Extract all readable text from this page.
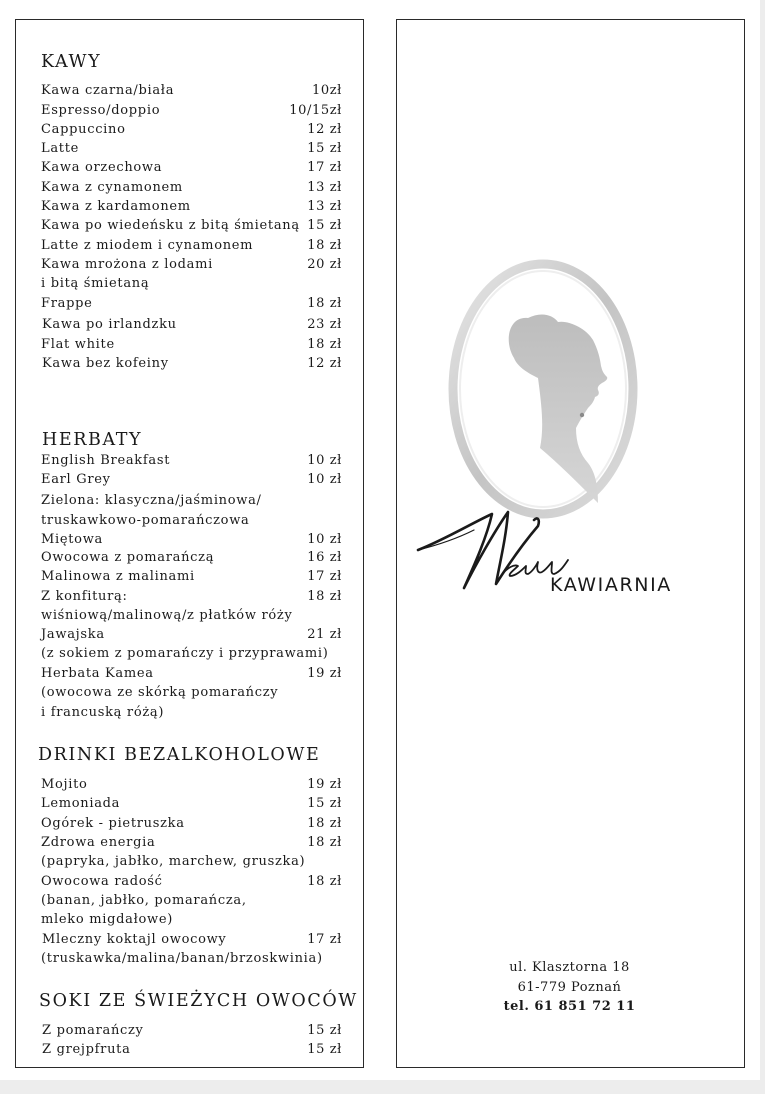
KAWY
Kawa czarna/biała	10zł
Espresso/doppio	10/15zł
Cappuccino	12 zł
Latte	15 zł
Kawa orzechowa	17 zł
Kawa z cynamonem	13 zł
Kawa z kardamonem	13 zł
Kawa po wiedeńsku z bitą śmietaną 15 zł
Latte z miodem i cynamonem	18 zł
Kawa mrożona z lodami	20 zł
i bitą śmietaną
Frappe	18 zł
Kawa po irlandzku	23 zł
Flat white	18 zł
Kawa bez kofeiny	12 zł
HERBATY
English Breakfast	10 zł
Earl Grey	10 zł
Zielona: klasyczna/jaśminowa/
truskawkowo-pomarańczowa
Miętowa	10 zł
Owocowa z pomarańczą	16 zł
Malinowa z malinami	17 zł
Z konfiturą:	18 zł
wiśniową/malinową/z płatków róży
Jawajska	21 zł
(z sokiem z pomarańczy i przyprawami)
Herbata Kamea	19 zł
(owocowa ze skórką pomarańczy
i francuską różą)
DRINKI BEZALKOHOLOWE
Mojito	19 zł
Lemoniada	15 zł
Ogórek - pietruszka	18 zł
Zdrowa energia	18 zł
(papryka, jabłko, marchew, gruszka)
Owocowa radość	18 zł
(banan, jabłko, pomarańcza,
mleko migdałowe)
Mleczny koktajl owocowy	17 zł
(truskawka/malina/banan/brzoskwinia)
SOKI ZE ŚWIEŻYCH OWOCÓW
Z pomarańczy	15 zł
Z grejpfruta	15 zł
Menu
KAWIARNIA
ul. Klasztorna 18
61-779 Poznań
tel. 61 851 72 11
